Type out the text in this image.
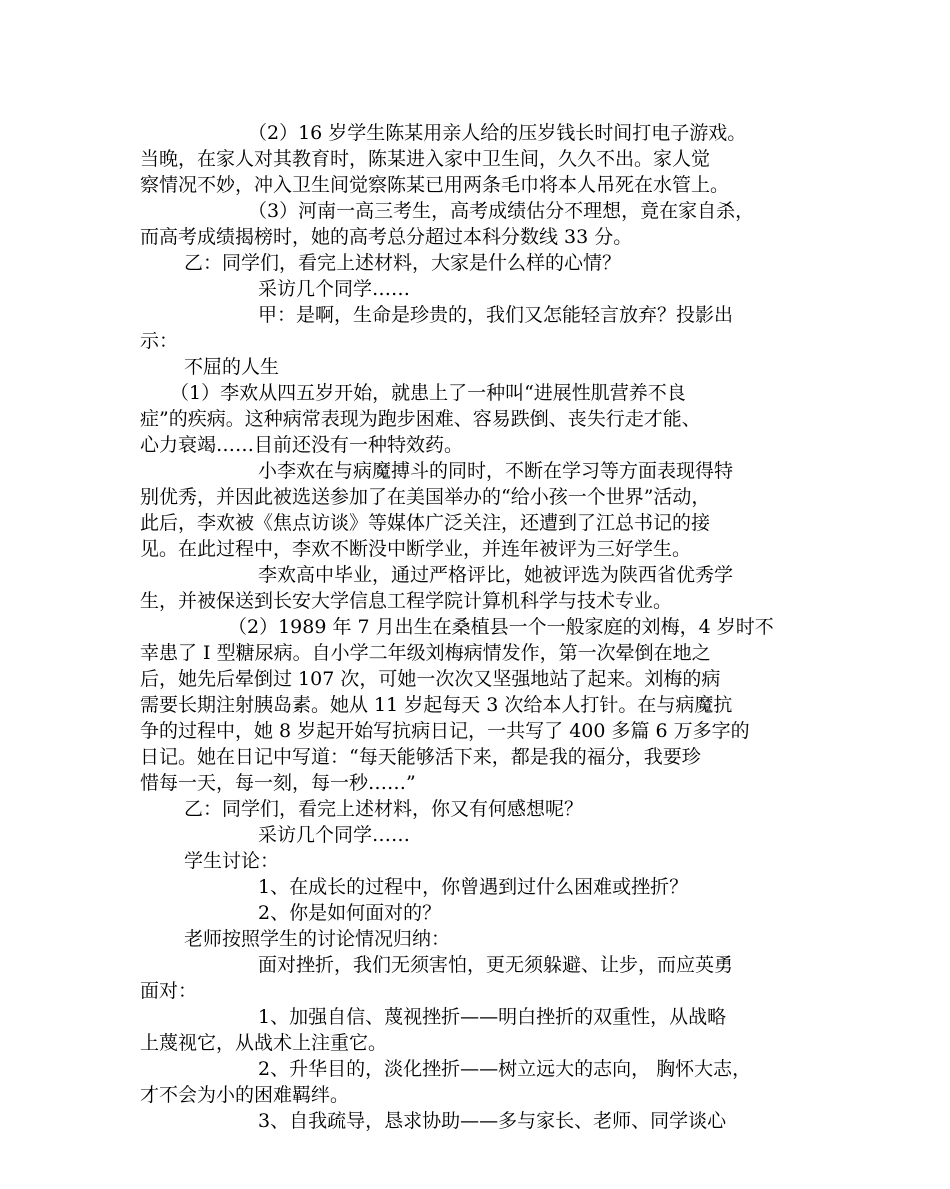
（2）16 岁学生陈某用亲人给的压岁钱长时间打电子游戏。

当晚，在家人对其教育时，陈某进入家中卫生间，久久不出。家人觉

察情况不妙，冲入卫生间觉察陈某已用两条毛巾将本人吊死在水管上。

（3）河南一高三考生，高考成绩估分不理想，竟在家自杀，

而高考成绩揭榜时，她的高考总分超过本科分数线 33 分。

乙：同学们，看完上述材料，大家是什么样的心情？

采访几个同学……

甲：是啊，生命是珍贵的，我们又怎能轻言放弃？投影出

示：

不屈的人生

（1）李欢从四五岁开始，就患上了一种叫“进展性肌营养不良

症”的疾病。这种病常表现为跑步困难、容易跌倒、丧失行走才能、

心力衰竭……目前还没有一种特效药。

小李欢在与病魔搏斗的同时，不断在学习等方面表现得特

别优秀，并因此被选送参加了在美国举办的“给小孩一个世界”活动，

此后，李欢被《焦点访谈》等媒体广泛关注，还遭到了江总书记的接

见。在此过程中，李欢不断没中断学业，并连年被评为三好学生。

李欢高中毕业，通过严格评比，她被评选为陕西省优秀学

生，并被保送到长安大学信息工程学院计算机科学与技术专业。

（2）1989 年 7 月出生在桑植县一个一般家庭的刘梅，4 岁时不

幸患了 I 型糖尿病。自小学二年级刘梅病情发作，第一次晕倒在地之

后，她先后晕倒过 107 次，可她一次次又坚强地站了起来。刘梅的病

需要长期注射胰岛素。她从 11 岁起每天 3 次给本人打针。在与病魔抗

争的过程中，她 8 岁起开始写抗病日记，一共写了 400 多篇 6 万多字的

日记。她在日记中写道：“每天能够活下来，都是我的福分，我要珍

惜每一天，每一刻，每一秒……”

乙：同学们，看完上述材料，你又有何感想呢？

采访几个同学……

学生讨论：

1、在成长的过程中，你曾遇到过什么困难或挫折？

2、你是如何面对的？

老师按照学生的讨论情况归纳：

面对挫折，我们无须害怕，更无须躲避、让步，而应英勇

面对：

1、加强自信、蔑视挫折——明白挫折的双重性，从战略

上蔑视它，从战术上注重它。

2、升华目的，淡化挫折——树立远大的志向， 胸怀大志，

才不会为小的困难羁绊。

3、自我疏导，恳求协助——多与家长、老师、同学谈心
